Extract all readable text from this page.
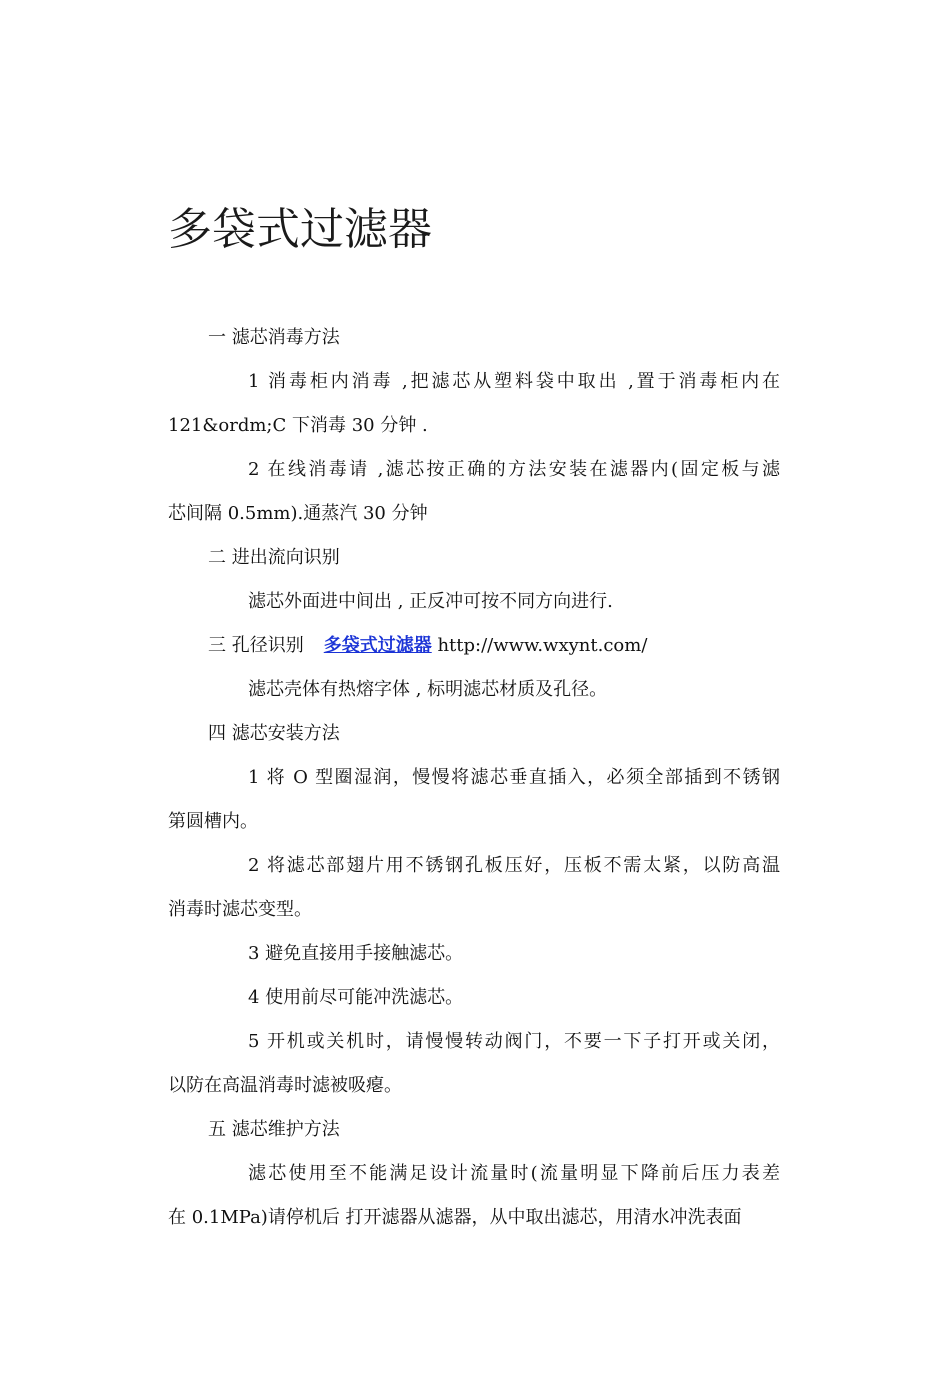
多袋式过滤器
一 滤芯消毒方法
1 消毒柜内消毒 ,把滤芯从塑料袋中取出 ,置于消毒柜内在
121&ordm;C 下消毒 30 分钟 .
2 在线消毒请 ,滤芯按正确的方法安装在滤器内(固定板与滤
芯间隔 0.5mm).通蒸汽 30 分钟
二 进出流向识别
滤芯外面进中间出 , 正反冲可按不同方向进行.
三 孔径识别 多袋式过滤器 http://www.wxynt.com/
滤芯壳体有热熔字体 , 标明滤芯材质及孔径。
四 滤芯安装方法
1 将 O 型圈湿润，慢慢将滤芯垂直插入，必须全部插到不锈钢
第圆槽内。
2 将滤芯部翅片用不锈钢孔板压好，压板不需太紧，以防高温
消毒时滤芯变型。
3 避免直接用手接触滤芯。
4 使用前尽可能冲洗滤芯。
5 开机或关机时，请慢慢转动阀门，不要一下子打开或关闭，
以防在高温消毒时滤被吸瘪。
五 滤芯维护方法
滤芯使用至不能满足设计流量时(流量明显下降前后压力表差
在 0.1MPa)请停机后 打开滤器从滤器，从中取出滤芯，用清水冲洗表面
